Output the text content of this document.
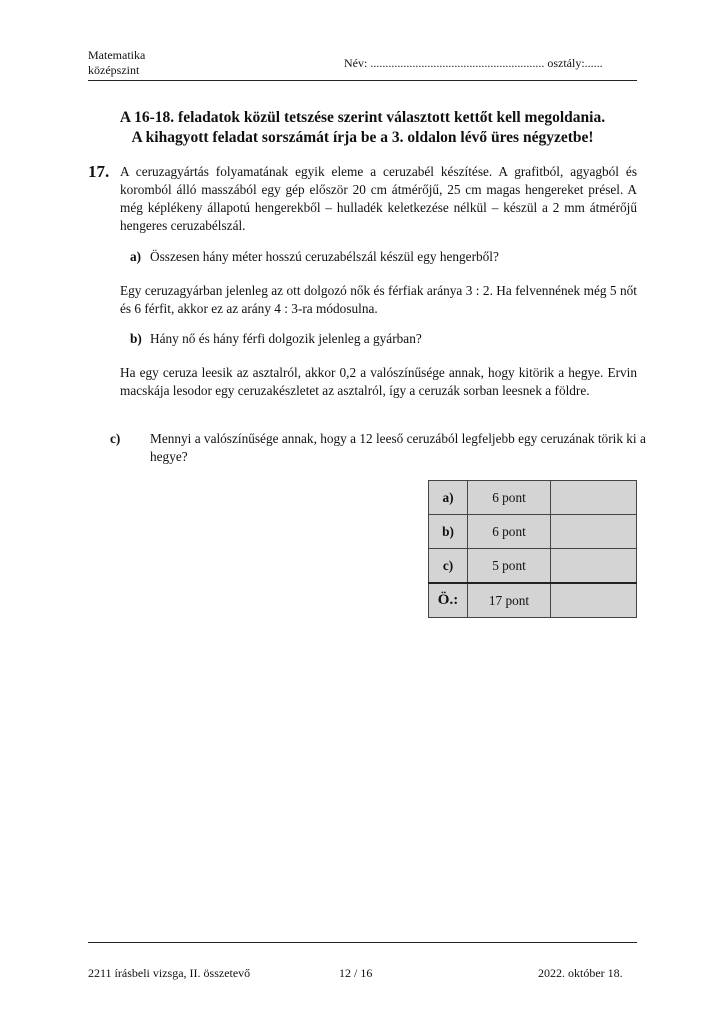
Matematika
középszint	Név: .......................................................... osztály:......
A 16-18. feladatok közül tetszése szerint választott kettőt kell megoldania.
A kihagyott feladat sorszámát írja be a 3. oldalon lévő üres négyzetbe!
17. A ceruzagyártás folyamatának egyik eleme a ceruzabél készítése. A grafitból, agyagból és koromból álló masszából egy gép először 20 cm átmérőjű, 25 cm magas hengereket présel. A még képlékeny állapotú hengerekből – hulladék keletkezése nélkül – készül a 2 mm átmérőjű hengeres ceruzabélszál.
a) Összesen hány méter hosszú ceruzabélszál készül egy hengerből?
Egy ceruzagyárban jelenleg az ott dolgozó nők és férfiak aránya 3 : 2. Ha felvennének még 5 nőt és 6 férfit, akkor ez az arány 4 : 3-ra módosulna.
b) Hány nő és hány férfi dolgozik jelenleg a gyárban?
Ha egy ceruza leesik az asztalról, akkor 0,2 a valószínűsége annak, hogy kitörik a hegye. Ervin macskája lesodor egy ceruzakészletet az asztalról, így a ceruzák sorban leesnek a földre.
c) Mennyi a valószínűsége annak, hogy a 12 leeső ceruzából legfeljebb egy ceruzának törik ki a hegye?
a)	6 pont	
b)	6 pont	
c)	5 pont	
Ö.:	17 pont	
2211 írásbeli vizsga, II. összetevő	12 / 16	2022. október 18.
